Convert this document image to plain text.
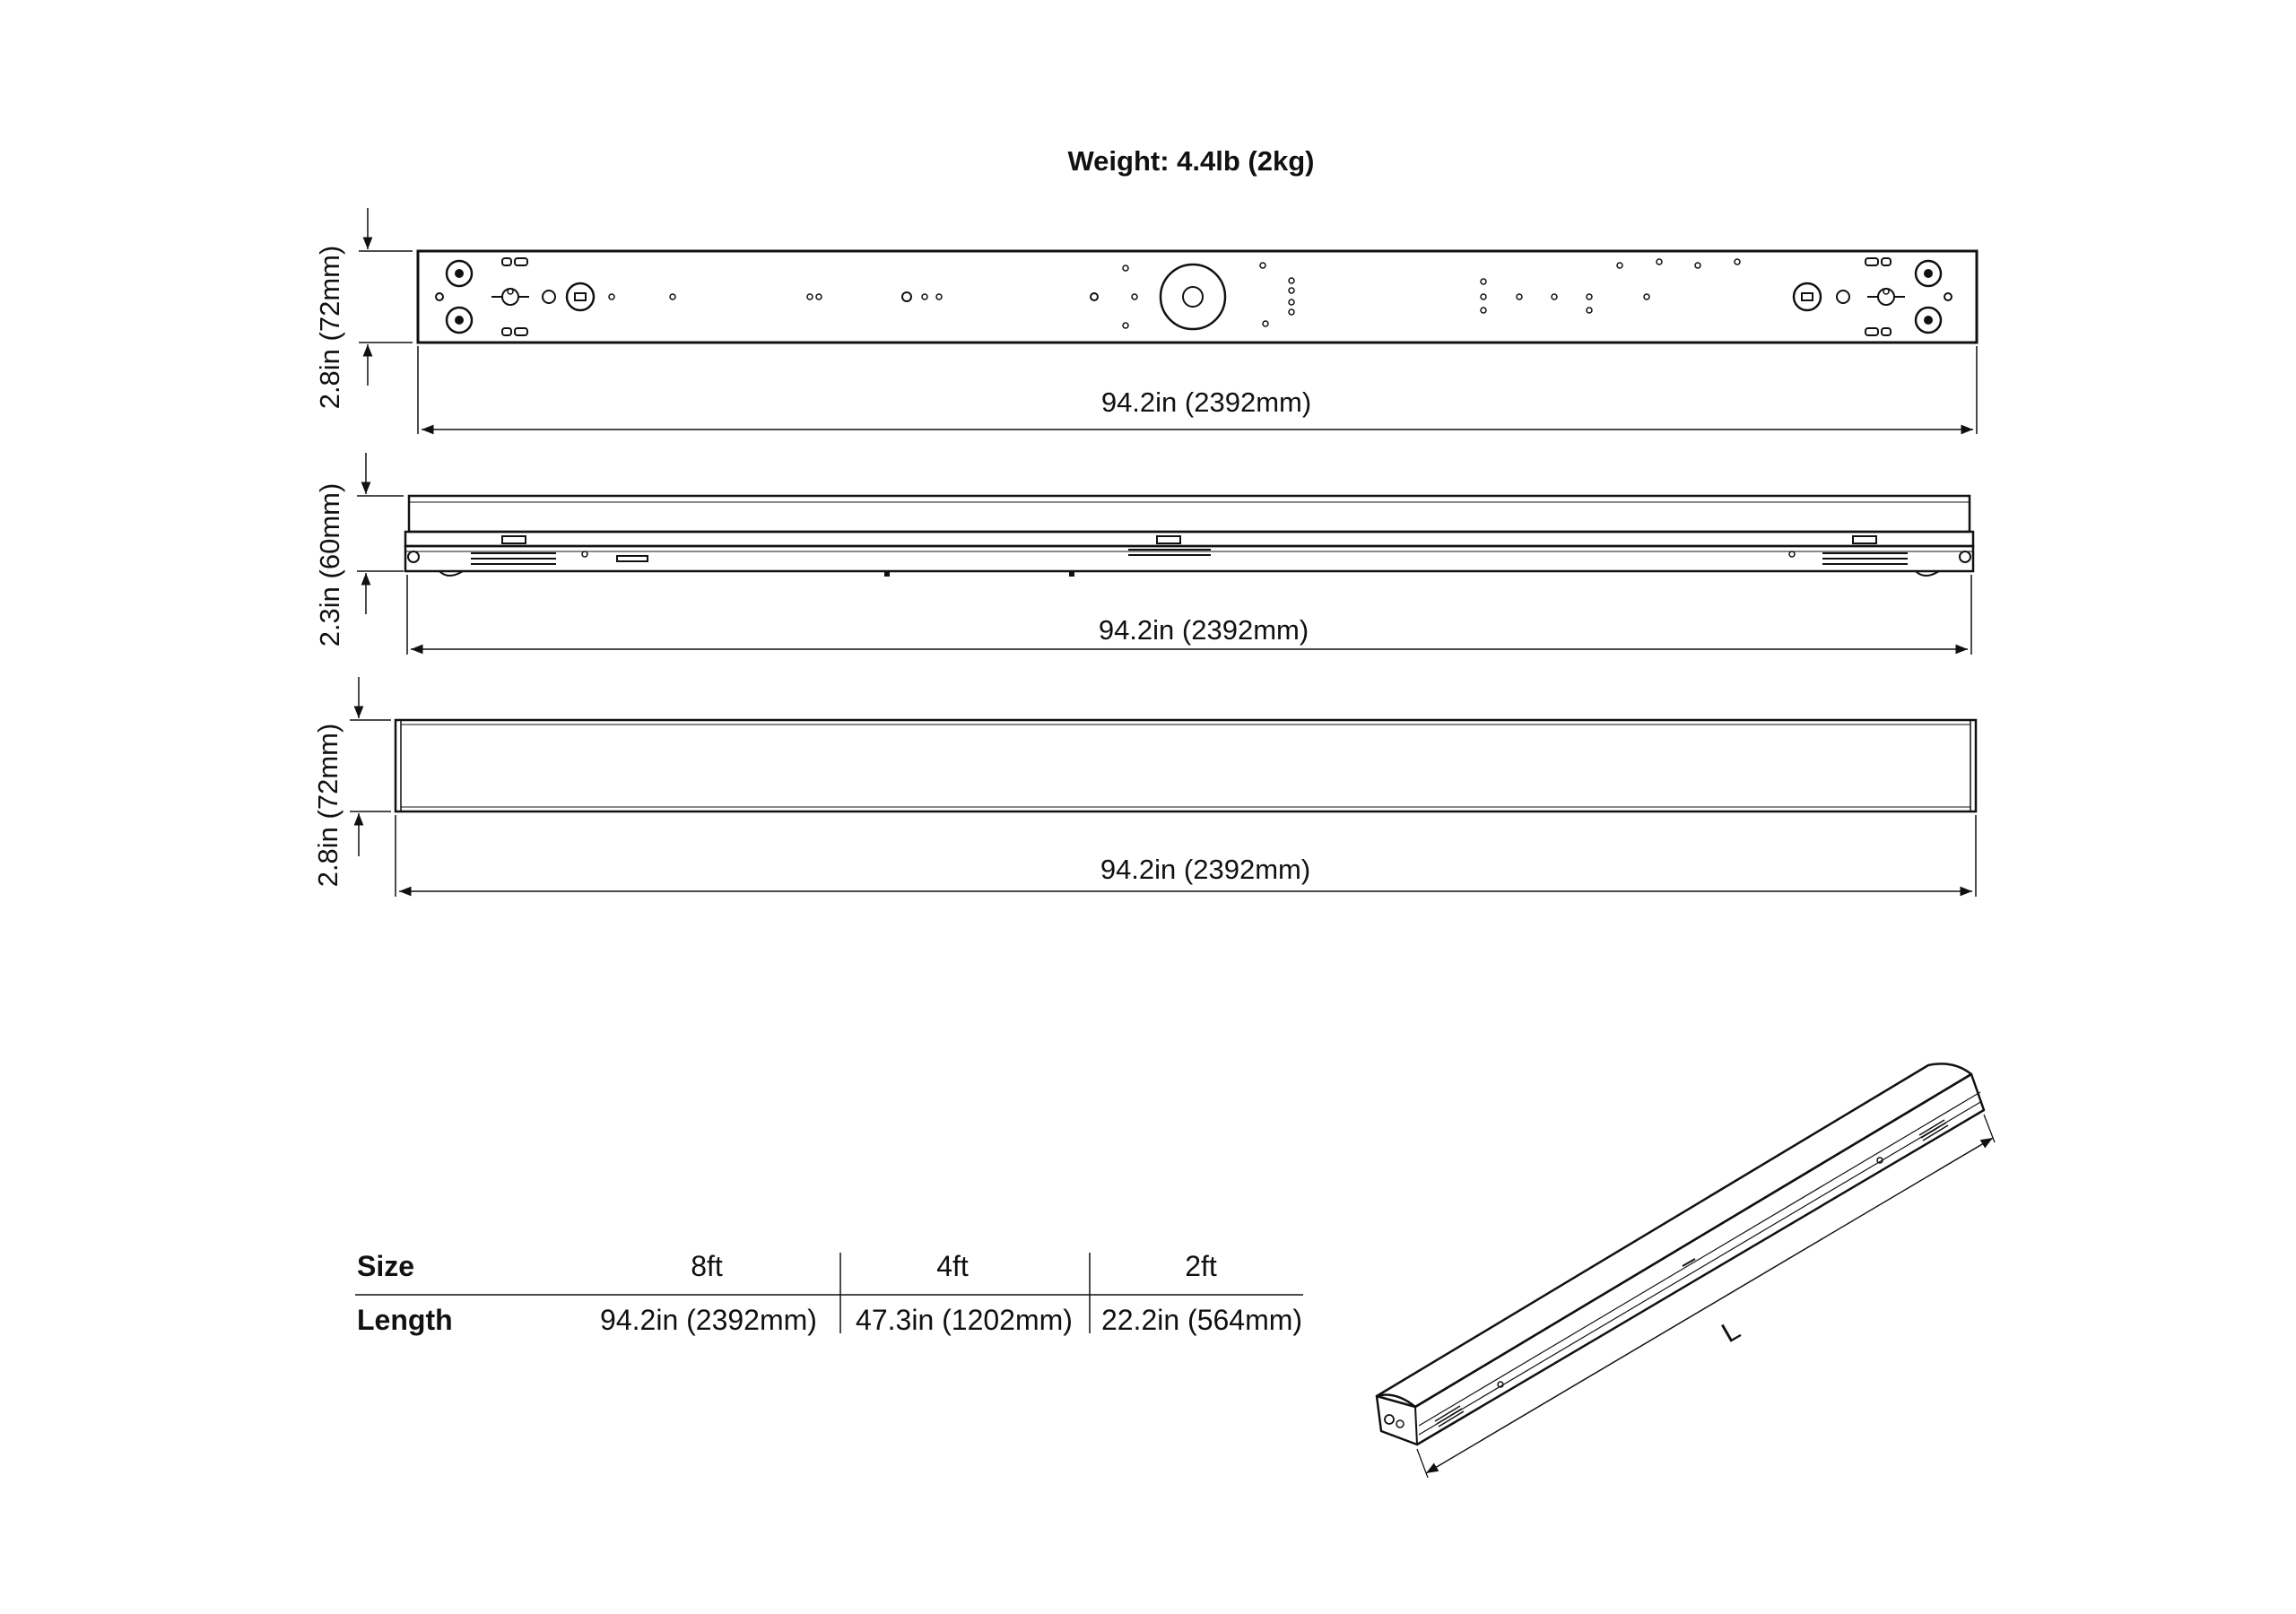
Weight: 4.4lb (2kg)
2.8in (72mm)	94.2in (2392mm)
2.3in (60mm)	94.2in (2392mm)
2.8in (72mm)	94.2in (2392mm)
Size	8ft	4ft	2ft
Length	94.2in (2392mm) 47.3in (1202mm) 22.2in (564mm)	L
